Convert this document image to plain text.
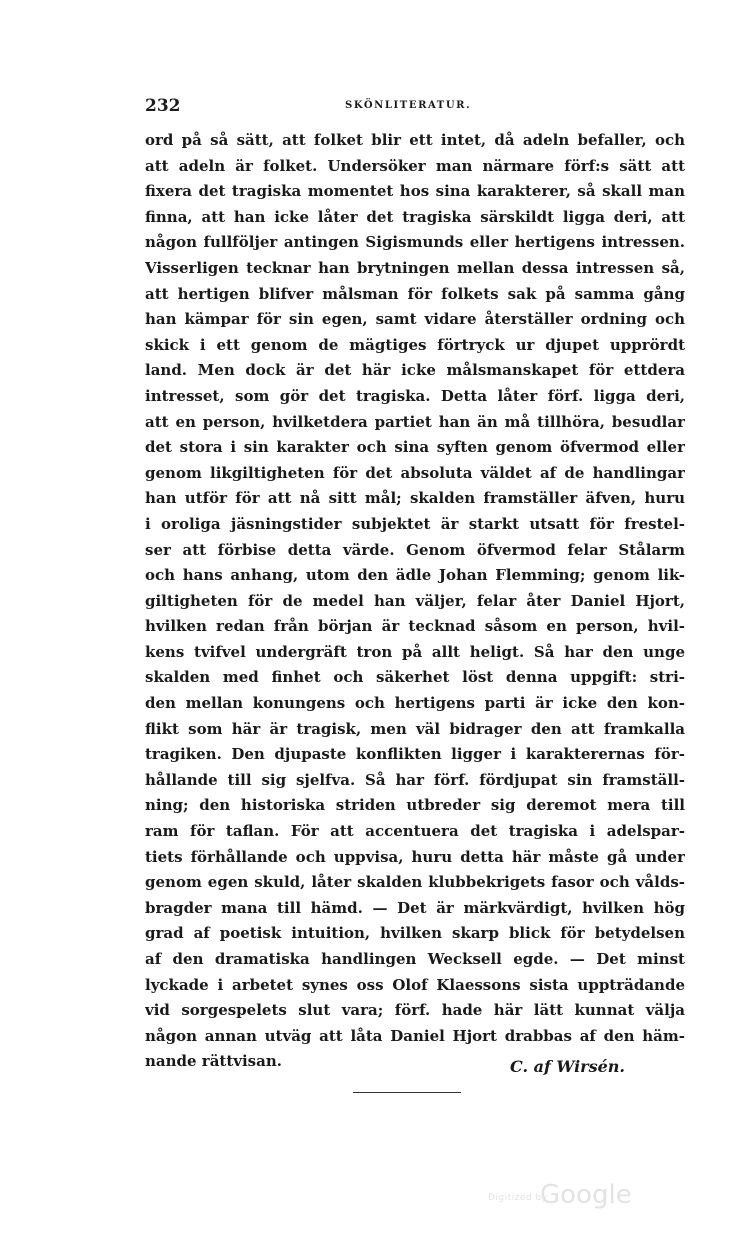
232	SKÖNLITERATUR.
ord på så sätt, att folket blir ett intet, då adeln befaller, och
att adeln är folket. Undersöker man närmare förf:s sätt att
fixera det tragiska momentet hos sina karakterer, så skall man
finna, att han icke låter det tragiska särskildt ligga deri, att
någon fullföljer antingen Sigismunds eller hertigens intressen.
Visserligen tecknar han brytningen mellan dessa intressen så,
att hertigen blifver målsman för folkets sak på samma gång
han kämpar för sin egen, samt vidare återställer ordning och
skick i ett genom de mägtiges förtryck ur djupet upprördt
land. Men dock är det här icke målsmanskapet för ettdera
intresset, som gör det tragiska. Detta låter förf. ligga deri,
att en person, hvilketdera partiet han än må tillhöra, besudlar
det stora i sin karakter och sina syften genom öfvermod eller
genom likgiltigheten för det absoluta väldet af de handlingar
han utför för att nå sitt mål; skalden framställer äfven, huru
i oroliga jäsningstider subjektet är starkt utsatt för frestel-
ser att förbise detta värde. Genom öfvermod felar Stålarm
och hans anhang, utom den ädle Johan Flemming; genom lik-
giltigheten för de medel han väljer, felar åter Daniel Hjort,
hvilken redan från början är tecknad såsom en person, hvil-
kens tvifvel undergräft tron på allt heligt. Så har den unge
skalden med finhet och säkerhet löst denna uppgift: stri-
den mellan konungens och hertigens parti är icke den kon-
flikt som här är tragisk, men väl bidrager den att framkalla
tragiken. Den djupaste konflikten ligger i karakterernas för-
hållande till sig sjelfva. Så har förf. fördjupat sin framställ-
ning; den historiska striden utbreder sig deremot mera till
ram för taflan. För att accentuera det tragiska i adelspar-
tiets förhållande och uppvisa, huru detta här måste gå under
genom egen skuld, låter skalden klubbekrigets fasor och vålds-
bragder mana till hämd. — Det är märkvärdigt, hvilken hög
grad af poetisk intuition, hvilken skarp blick för betydelsen
af den dramatiska handlingen Wecksell egde. — Det minst
lyckade i arbetet synes oss Olof Klaessons sista uppträdande
vid sorgespelets slut vara; förf. hade här lätt kunnat välja
någon annan utväg att låta Daniel Hjort drabbas af den häm-
nande rättvisan.	C. af Wirsén.
Digitized by
Google
